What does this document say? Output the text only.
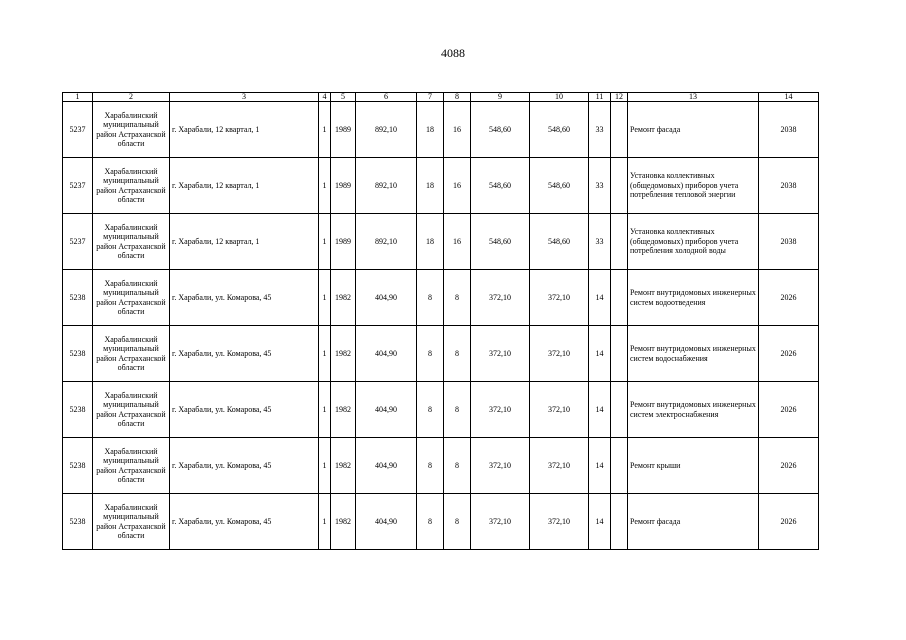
4088
1	2	3	4	5	6	7	8	9	10	11	12	13	14
5237	Харабалинский муниципальный район Астраханской области	г. Харабали, 12 квартал, 1	1	1989	892,10	18	16	548,60	548,60	33		Ремонт фасада	2038
5237	Харабалинский муниципальный район Астраханской области	г. Харабали, 12 квартал, 1	1	1989	892,10	18	16	548,60	548,60	33		Установка коллективных (общедомовых) приборов учета потребления тепловой энергии	2038
5237	Харабалинский муниципальный район Астраханской области	г. Харабали, 12 квартал, 1	1	1989	892,10	18	16	548,60	548,60	33		Установка коллективных (общедомовых) приборов учета потребления холодной воды	2038
5238	Харабалинский муниципальный район Астраханской области	г. Харабали, ул. Комарова, 45	1	1982	404,90	8	8	372,10	372,10	14		Ремонт внутридомовых инженерных систем водоотведения	2026
5238	Харабалинский муниципальный район Астраханской области	г. Харабали, ул. Комарова, 45	1	1982	404,90	8	8	372,10	372,10	14		Ремонт внутридомовых инженерных систем водоснабжения	2026
5238	Харабалинский муниципальный район Астраханской области	г. Харабали, ул. Комарова, 45	1	1982	404,90	8	8	372,10	372,10	14		Ремонт внутридомовых инженерных систем электроснабжения	2026
5238	Харабалинский муниципальный район Астраханской области	г. Харабали, ул. Комарова, 45	1	1982	404,90	8	8	372,10	372,10	14		Ремонт крыши	2026
5238	Харабалинский муниципальный район Астраханской области	г. Харабали, ул. Комарова, 45	1	1982	404,90	8	8	372,10	372,10	14		Ремонт фасада	2026
